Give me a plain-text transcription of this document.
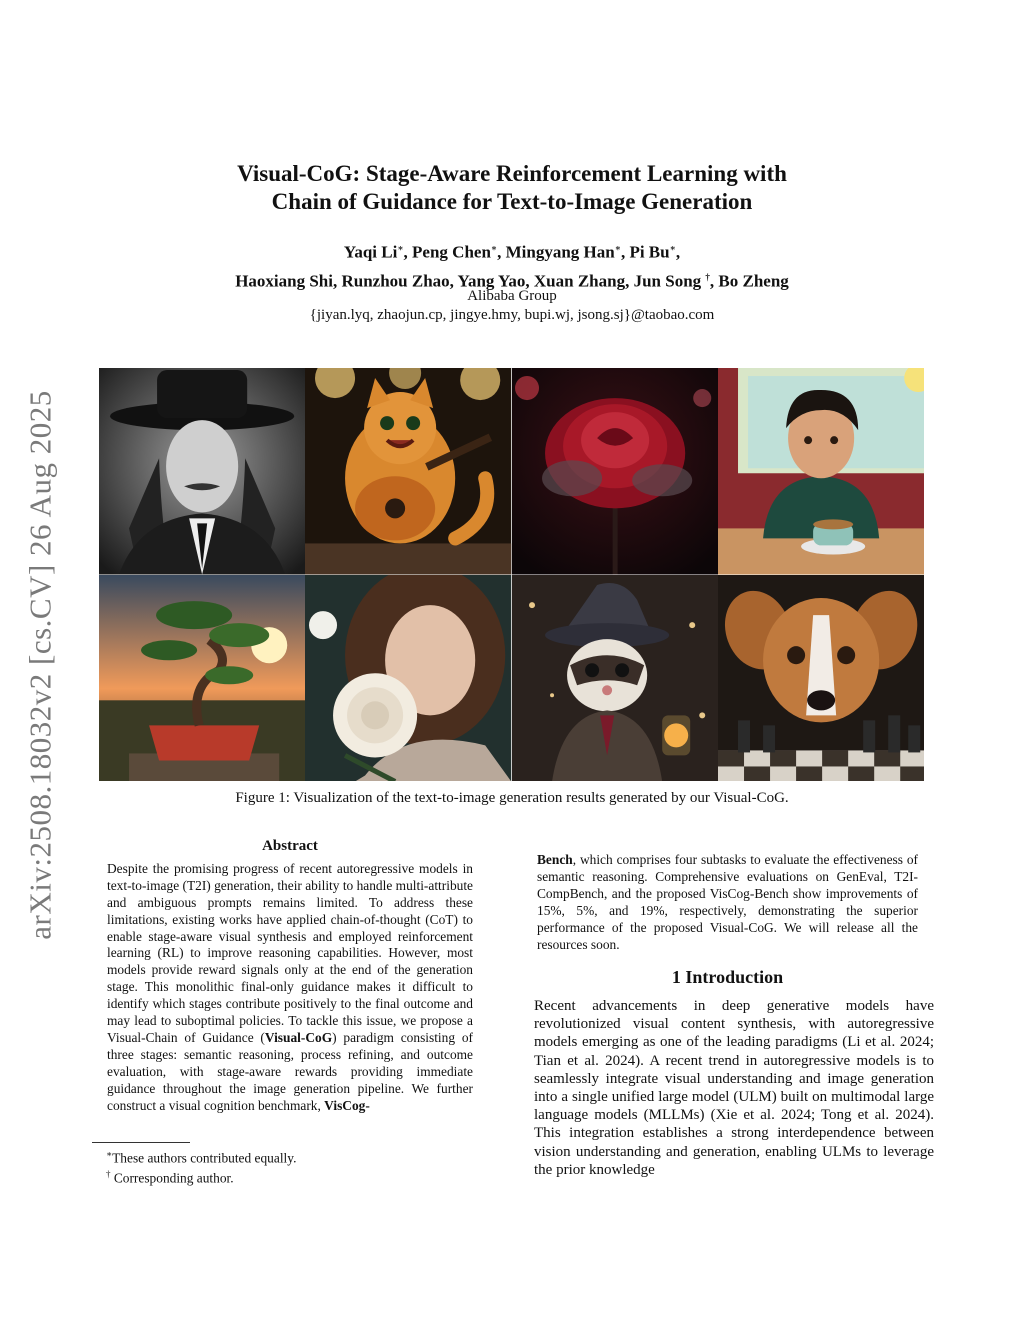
arXiv:2508.18032v2 [cs.CV] 26 Aug 2025
Visual-CoG: Stage-Aware Reinforcement Learning with
Chain of Guidance for Text-to-Image Generation
Yaqi Li∗, Peng Chen∗, Mingyang Han∗, Pi Bu∗,
Haoxiang Shi, Runzhou Zhao, Yang Yao, Xuan Zhang, Jun Song †, Bo Zheng
Alibaba Group
{jiyan.lyq, zhaojun.cp, jingye.hmy, bupi.wj, jsong.sj}@taobao.com
Figure 1: Visualization of the text-to-image generation results generated by our Visual-CoG.
Abstract
Despite the promising progress of recent autoregressive models in text-to-image (T2I) generation, their ability to handle multi-attribute and ambiguous prompts remains limited. To address these limitations, existing works have applied chain-of-thought (CoT) to enable stage-aware visual synthesis and employed reinforcement learning (RL) to improve reasoning capabilities. However, most models provide reward signals only at the end of the generation stage. This monolithic final-only guidance makes it difficult to identify which stages contribute positively to the final outcome and may lead to suboptimal policies. To tackle this issue, we propose a Visual-Chain of Guidance (Visual-CoG) paradigm consisting of three stages: semantic reasoning, process refining, and outcome evaluation, with stage-aware rewards providing immediate guidance throughout the image generation pipeline. We further construct a visual cognition benchmark, VisCog-
Bench, which comprises four subtasks to evaluate the effectiveness of semantic reasoning. Comprehensive evaluations on GenEval, T2I-CompBench, and the proposed VisCog-Bench show improvements of 15%, 5%, and 19%, respectively, demonstrating the superior performance of the proposed Visual-CoG. We will release all the resources soon.
1 Introduction
Recent advancements in deep generative models have revolutionized visual content synthesis, with autoregressive models emerging as one of the leading paradigms (Li et al. 2024; Tian et al. 2024). A recent trend in autoregressive models is to seamlessly integrate visual understanding and image generation into a single unified large model (ULM) built on multimodal large language models (MLLMs) (Xie et al. 2024; Tong et al. 2024). This integration establishes a strong interdependence between vision understanding and generation, enabling ULMs to leverage the prior knowledge
∗These authors contributed equally.
† Corresponding author.
